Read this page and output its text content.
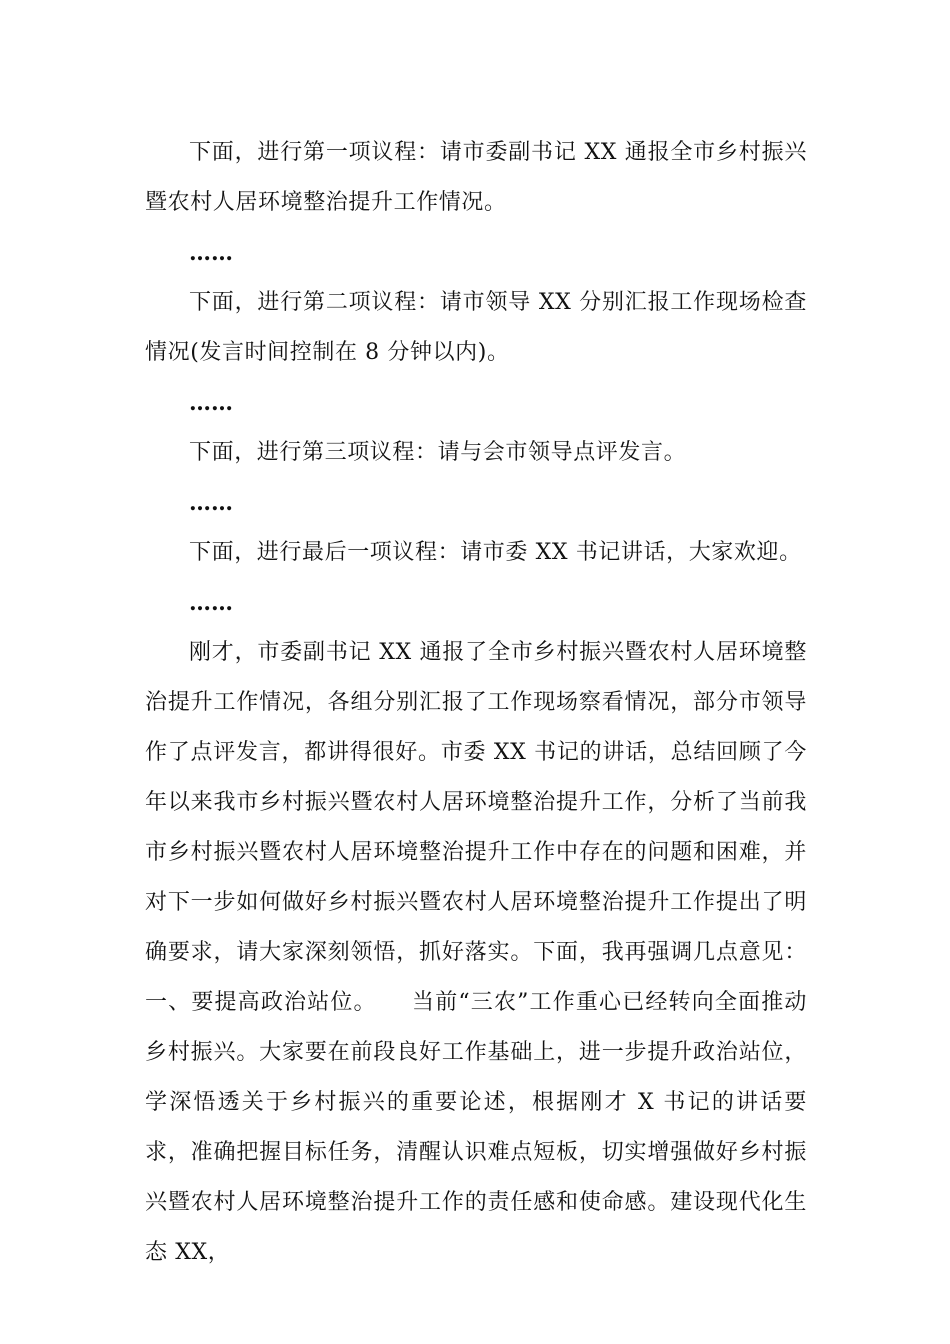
下面，进行第一项议程：请市委副书记 XX 通报全市乡村振兴暨农村人居环境整治提升工作情况。

……

下面，进行第二项议程：请市领导 XX 分别汇报工作现场检查情况(发言时间控制在 8 分钟以内)。

……

下面，进行第三项议程：请与会市领导点评发言。

……

下面，进行最后一项议程：请市委 XX 书记讲话，大家欢迎。

……

刚才，市委副书记 XX 通报了全市乡村振兴暨农村人居环境整治提升工作情况，各组分别汇报了工作现场察看情况，部分市领导作了点评发言，都讲得很好。市委 XX 书记的讲话，总结回顾了今年以来我市乡村振兴暨农村人居环境整治提升工作，分析了当前我市乡村振兴暨农村人居环境整治提升工作中存在的问题和困难，并对下一步如何做好乡村振兴暨农村人居环境整治提升工作提出了明确要求，请大家深刻领悟，抓好落实。下面，我再强调几点意见：一、要提高政治站位。　　当前“三农”工作重心已经转向全面推动乡村振兴。大家要在前段良好工作基础上，进一步提升政治站位，学深悟透关于乡村振兴的重要论述，根据刚才 X 书记的讲话要求，准确把握目标任务，清醒认识难点短板，切实增强做好乡村振兴暨农村人居环境整治提升工作的责任感和使命感。建设现代化生态 XX，
